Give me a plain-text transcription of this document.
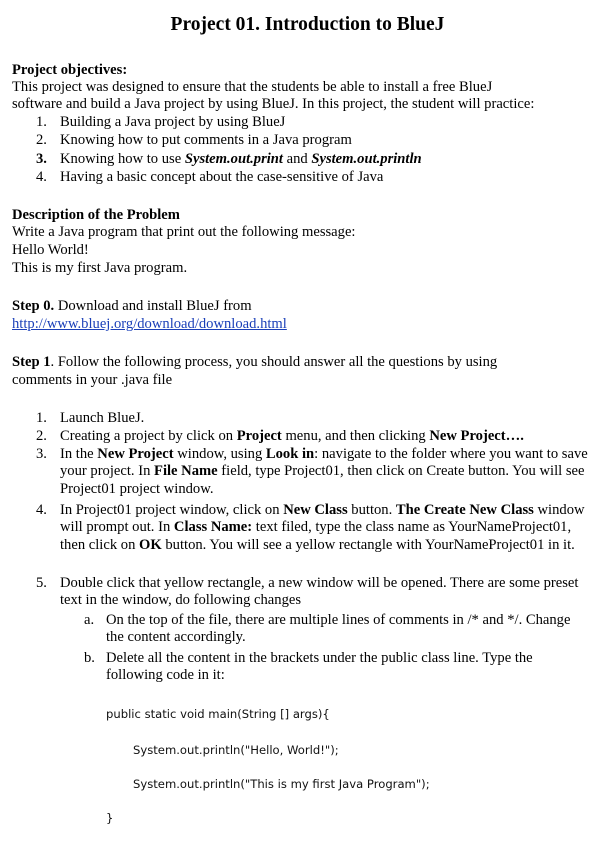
Project 01. Introduction to BlueJ

Project objectives:

This project was designed to ensure that the students be able to install a free BlueJ

software and build a Java project by using BlueJ. In this project, the student will practice:

1. Building a Java project by using BlueJ
2. Knowing how to put comments in a Java program
3. Knowing how to use System.out.print and System.out.println
4. Having a basic concept about the case-sensitive of Java

Description of the Problem

Write a Java program that print out the following message:

Hello World!

This is my first Java program.

Step 0. Download and install BlueJ from

http://www.bluej.org/download/download.html

Step 1. Follow the following process, you should answer all the questions by using

comments in your .java file

1. Launch BlueJ.
2. Creating a project by click on Project menu, and then clicking New Project….
3. In the New Project window, using Look in: navigate to the folder where you want to save your project. In File Name field, type Project01, then click on Create button. You will see Project01 project window.
4. In Project01 project window, click on New Class button. The Create New Class window will prompt out. In Class Name: text filed, type the class name as YourNameProject01, then click on OK button. You will see a yellow rectangle with YourNameProject01 in it.
5. Double click that yellow rectangle, a new window will be opened. There are some preset text in the window, do following changes
a. On the top of the file, there are multiple lines of comments in /* and */. Change the content accordingly.
b. Delete all the content in the brackets under the public class line. Type the following code in it:
public static void main(String [] args){
System.out.println("Hello, World!");
System.out.println("This is my first Java Program");
}
